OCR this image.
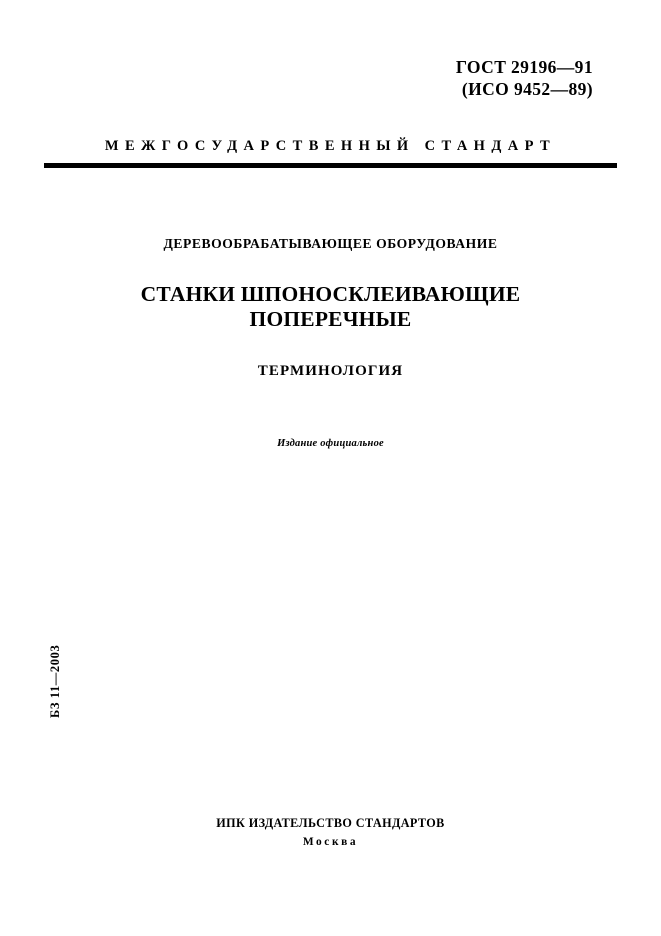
ГОСТ 29196—91
(ИСО 9452—89)
МЕЖГОСУДАРСТВЕННЫЙ СТАНДАРТ
ДЕРЕВООБРАБАТЫВАЮЩЕЕ ОБОРУДОВАНИЕ
СТАНКИ ШПОНОСКЛЕИВАЮЩИЕ
ПОПЕРЕЧНЫЕ
ТЕРМИНОЛОГИЯ
Издание официальное
БЗ 11—2003
ИПК ИЗДАТЕЛЬСТВО СТАНДАРТОВ
Москва
